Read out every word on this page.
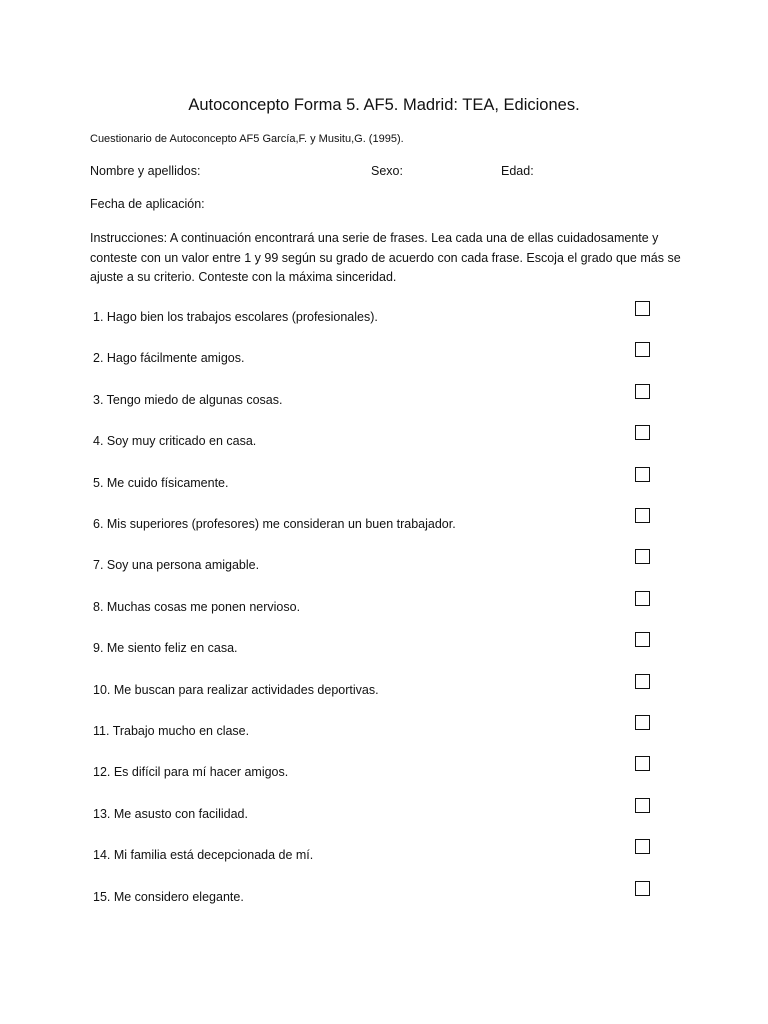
Autoconcepto Forma 5. AF5. Madrid: TEA, Ediciones.
Cuestionario de Autoconcepto AF5 García,F. y Musitu,G. (1995).
Nombre y apellidos:	Sexo:	Edad:
Fecha de aplicación:
Instrucciones: A continuación encontrará una serie de frases. Lea cada una de ellas cuidadosamente y conteste con un valor entre 1 y 99 según su grado de acuerdo con cada frase. Escoja el grado que más se ajuste a su criterio. Conteste con la máxima sinceridad.
1. Hago bien los trabajos escolares (profesionales).
2. Hago fácilmente amigos.
3. Tengo miedo de algunas cosas.
4. Soy muy criticado en casa.
5. Me cuido físicamente.
6. Mis superiores (profesores) me consideran un buen trabajador.
7. Soy una persona amigable.
8. Muchas cosas me ponen nervioso.
9. Me siento feliz en casa.
10. Me buscan para realizar actividades deportivas.
11. Trabajo mucho en clase.
12. Es difícil para mí hacer amigos.
13. Me asusto con facilidad.
14. Mi familia está decepcionada de mí.
15. Me considero elegante.
